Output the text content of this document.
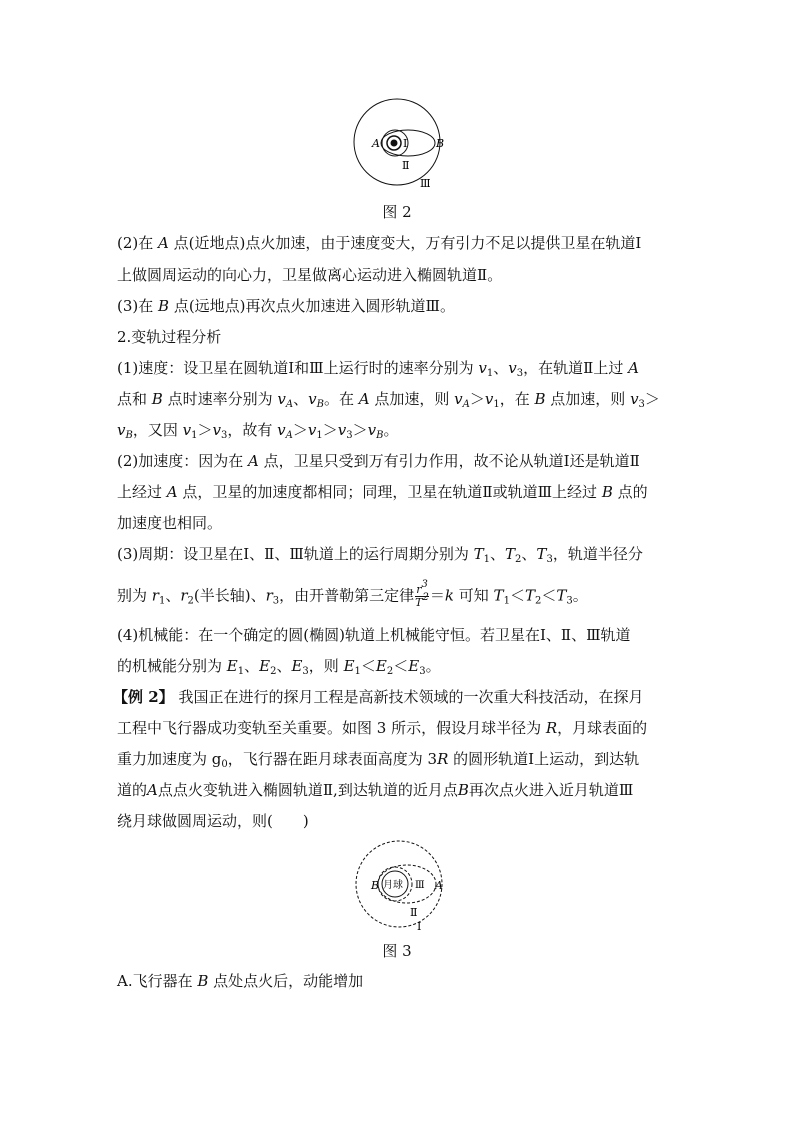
A Ⅰ	B
Ⅱ
Ⅲ
图 2
(2)在 A 点(近地点)点火加速，由于速度变大，万有引力不足以提供卫星在轨道Ⅰ
上做圆周运动的向心力，卫星做离心运动进入椭圆轨道Ⅱ。
(3)在 B 点(远地点)再次点火加速进入圆形轨道Ⅲ。
2.变轨过程分析
(1)速度：设卫星在圆轨道Ⅰ和Ⅲ上运行时的速率分别为 $v_1$、$v_3$，在轨道Ⅱ上过 A
点和 B 点时速率分别为 $v_A$、$v_B$。在 A 点加速，则 $v_A>v_1$，在 B 点加速，则 $v_3>$
$v_B$，又因 $v_1>v_3$，故有 $v_A>v_1>v_3>v_B$。
(2)加速度：因为在 A 点，卫星只受到万有引力作用，故不论从轨道Ⅰ还是轨道Ⅱ
上经过 A 点，卫星的加速度都相同；同理，卫星在轨道Ⅱ或轨道Ⅲ上经过 B 点的
加速度也相同。
(3)周期：设卫星在Ⅰ、Ⅱ、Ⅲ轨道上的运行周期分别为 $T_1$、$T_2$、$T_3$，轨道半径分
别为 $r_1$、$r_2$(半长轴)、$r_3$，由开普勒第三定律 $\frac{r^3}{T^2} =k$ 可知 $T_1<T_2<T_3$。
(4)机械能：在一个确定的圆(椭圆)轨道上机械能守恒。若卫星在Ⅰ、Ⅱ、Ⅲ轨道
的机械能分别为 $E_1$、$E_2$、$E_3$，则 $E_1<E_2<E_3$。
【例 2】 我国正在进行的探月工程是高新技术领域的一次重大科技活动，在探月
工程中飞行器成功变轨至关重要。如图 3 所示，假设月球半径为 R，月球表面的
重力加速度为 $g_0$，飞行器在距月球表面高度为 3R 的圆形轨道Ⅰ上运动，到达轨
道的A点点火变轨进入椭圆轨道Ⅱ,到达轨道的近月点B再次点火进入近月轨道Ⅲ
绕月球做圆周运动，则(　　)
B 月球 Ⅲ A
Ⅱ
Ⅰ
图 3
A.飞行器在 B 点处点火后，动能增加
